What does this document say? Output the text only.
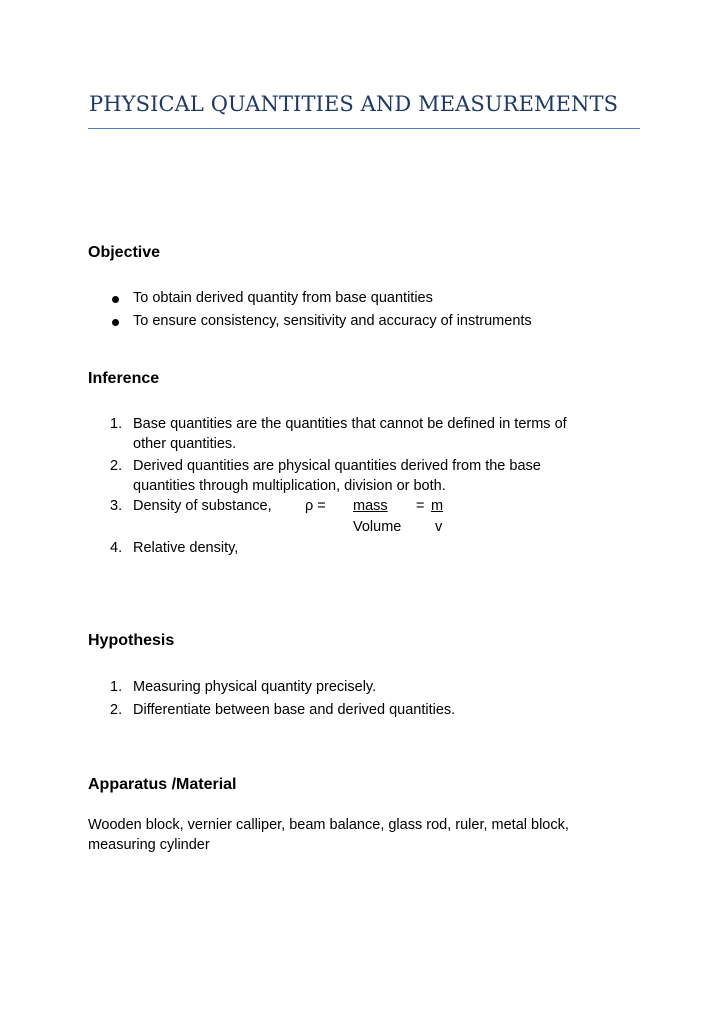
PHYSICAL QUANTITIES AND MEASUREMENTS
Objective
To obtain derived quantity from base quantities
To ensure consistency, sensitivity and accuracy of instruments
Inference
1. Base quantities are the quantities that cannot be defined in terms of
other quantities.
2. Derived quantities are physical quantities derived from the base
quantities through multiplication, division or both.
3. Density of substance, ρ = mass	= m
Volume v
4. Relative density,
Hypothesis
1. Measuring physical quantity precisely.
2. Differentiate between base and derived quantities.
Apparatus /Material
Wooden block, vernier calliper, beam balance, glass rod, ruler, metal block,
measuring cylinder
